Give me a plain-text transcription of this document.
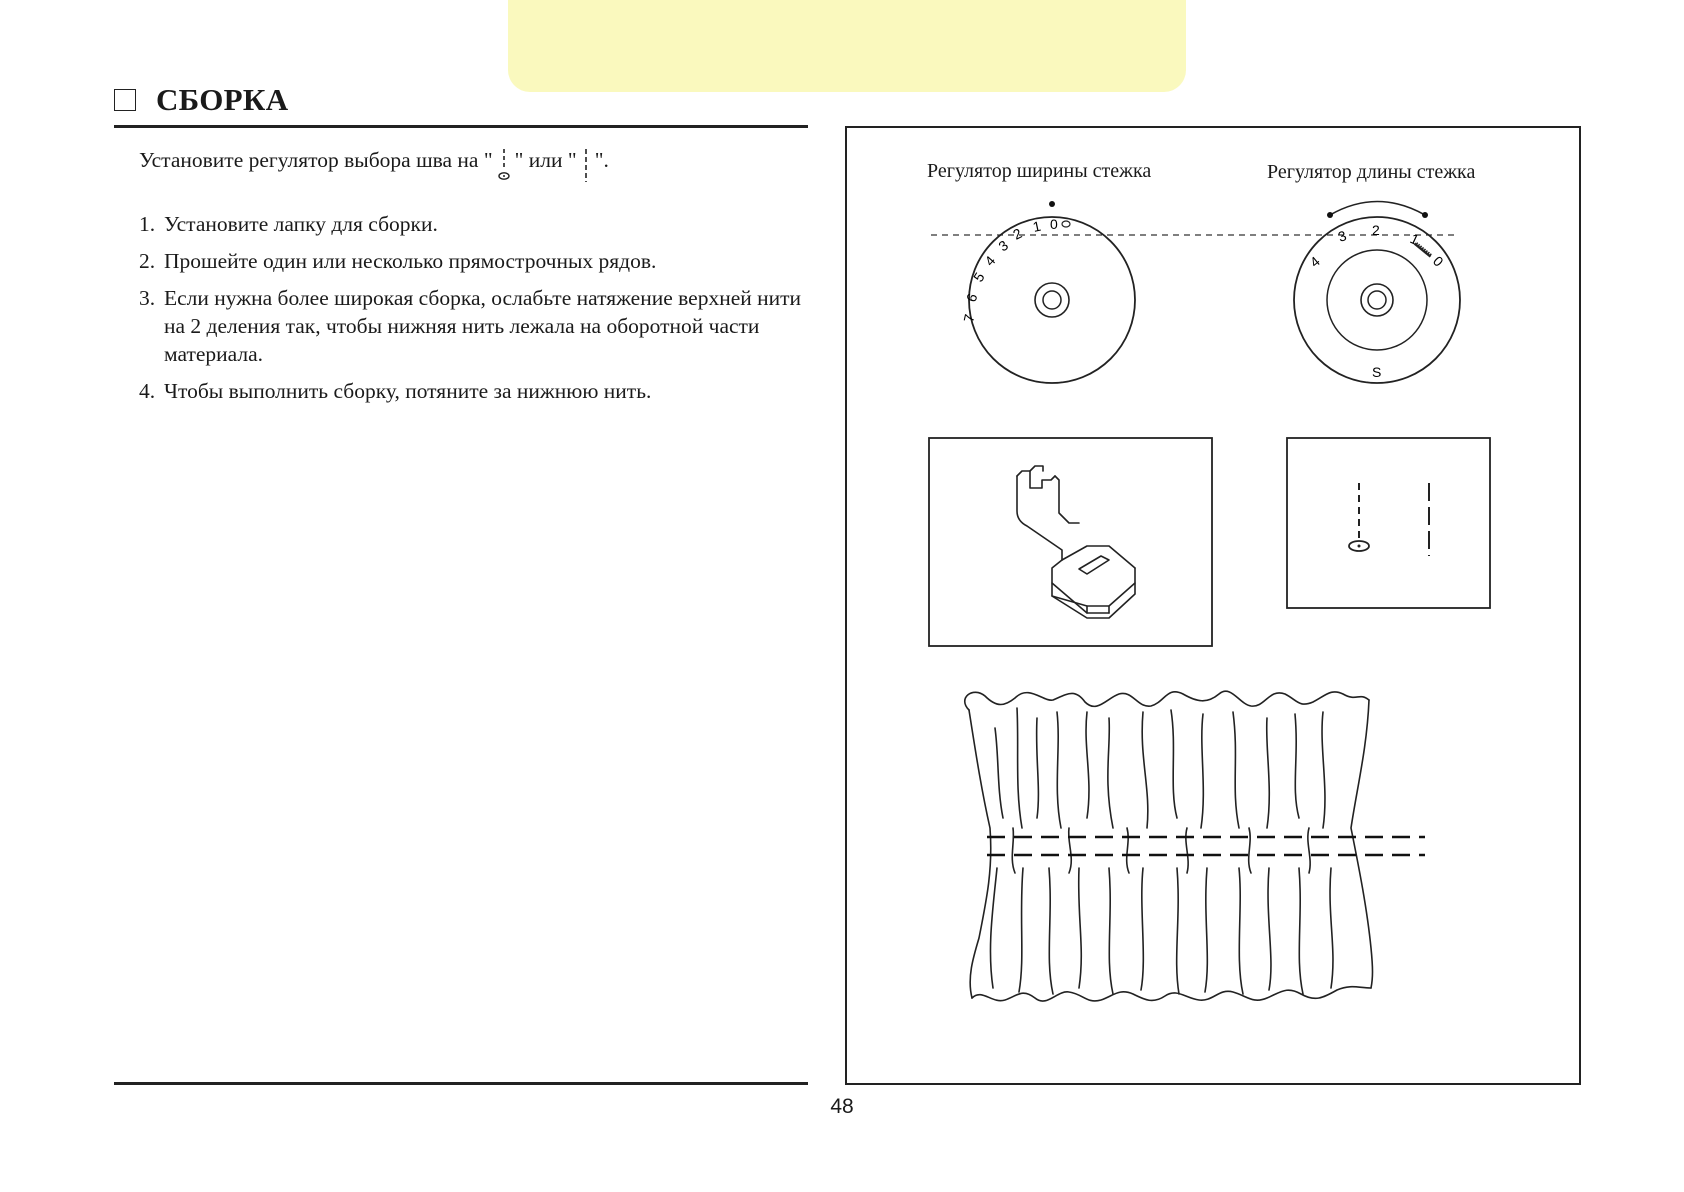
СБОРКА
Установите регулятор выбора шва на " " или " ".
1. Установите лапку для сборки.
2. Прошейте один или несколько прямострочных рядов.
3. Если нужна более широкая сборка, ослабьте натяжение верхней нити на 2 деления так, чтобы нижняя нить лежала на оборотной части материала.
4. Чтобы выполнить сборку, потяните за нижнюю нить.
Регулятор ширины стежка	Регулятор длины стежка
7
6
5
4
3
2 1 0
4
3 2
1
0
S
48
